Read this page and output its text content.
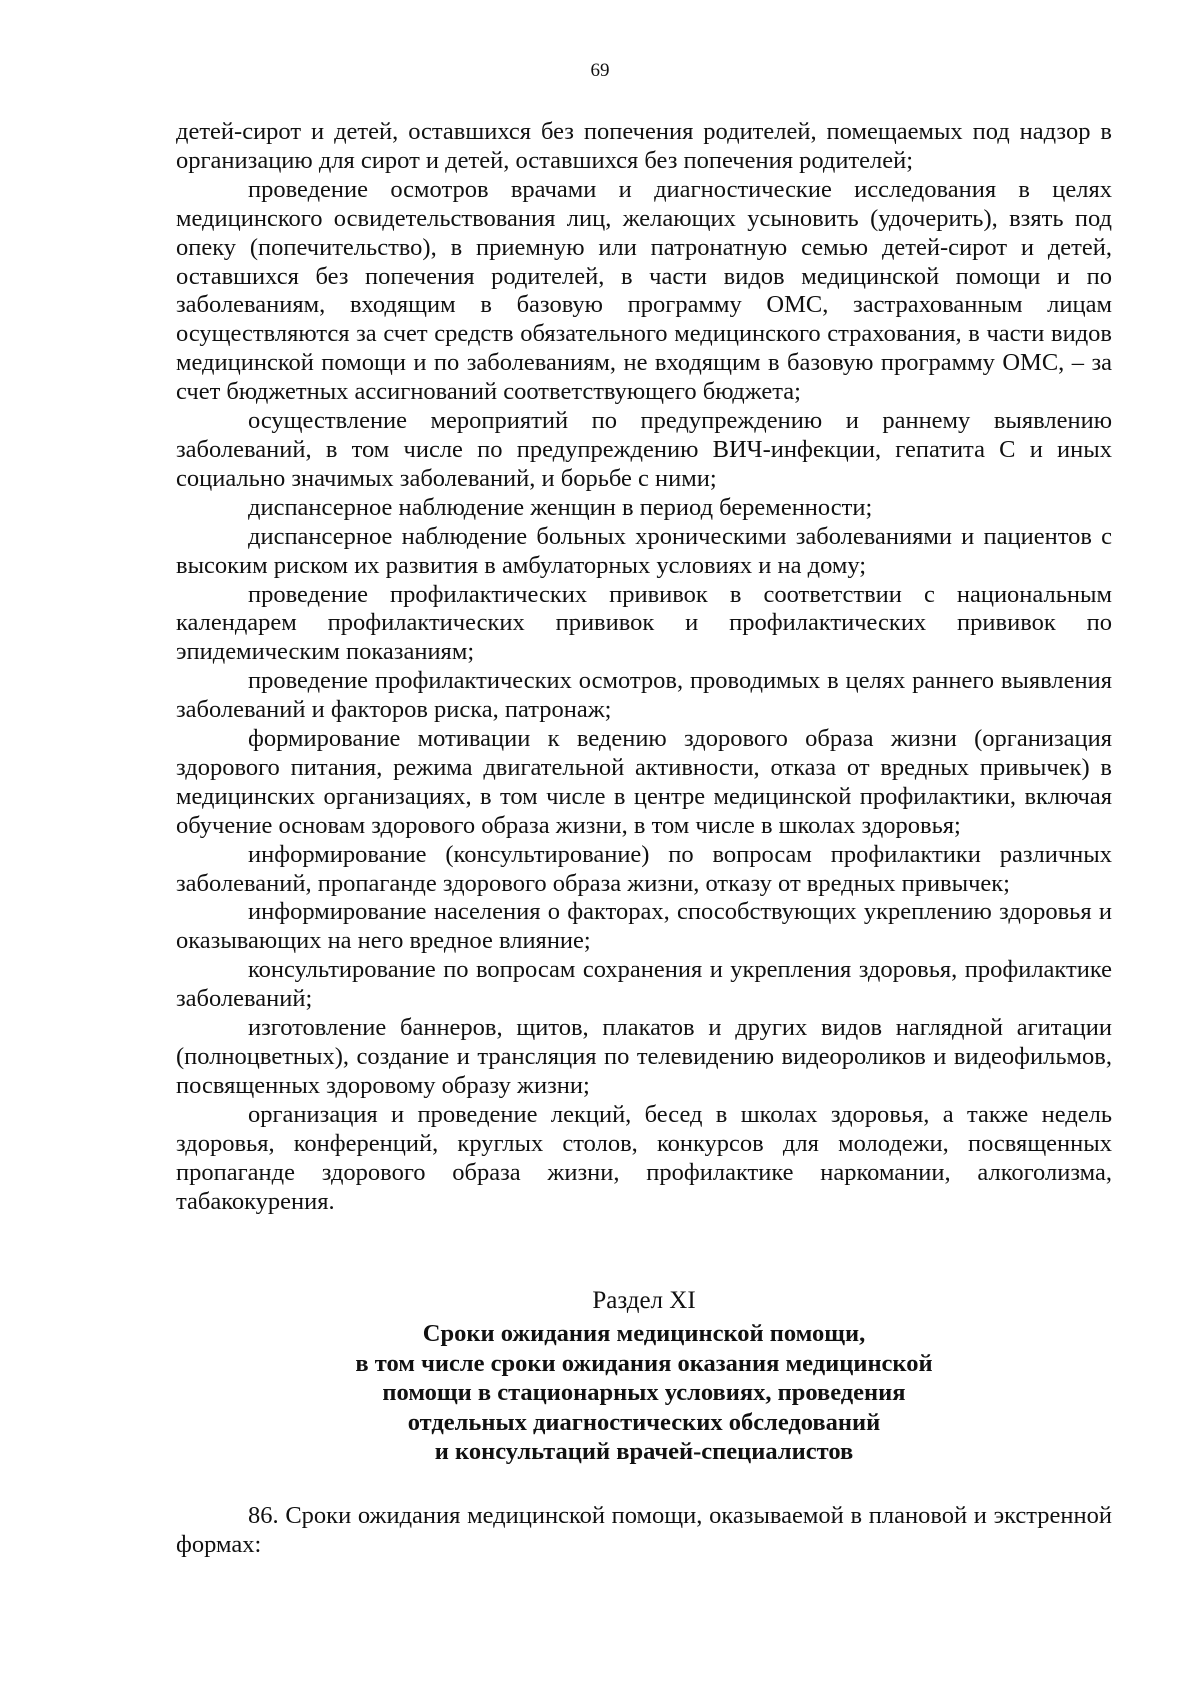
69

детей-сирот и детей, оставшихся без попечения родителей, помещаемых под надзор в организацию для сирот и детей, оставшихся без попечения родителей;

проведение осмотров врачами и диагностические исследования в целях медицинского освидетельствования лиц, желающих усыновить (удочерить), взять под опеку (попечительство), в приемную или патронатную семью детей-сирот и детей, оставшихся без попечения родителей, в части видов медицинской помощи и по заболеваниям, входящим в базовую программу ОМС, застрахованным лицам осуществляются за счет средств обязательного медицинского страхования, в части видов медицинской помощи и по заболеваниям, не входящим в базовую программу ОМС, – за счет бюджетных ассигнований соответствующего бюджета;

осуществление мероприятий по предупреждению и раннему выявлению заболеваний, в том числе по предупреждению ВИЧ-инфекции, гепатита С и иных социально значимых заболеваний, и борьбе с ними;

диспансерное наблюдение женщин в период беременности;

диспансерное наблюдение больных хроническими заболеваниями и пациентов с высоким риском их развития в амбулаторных условиях и на дому;

проведение профилактических прививок в соответствии с национальным календарем профилактических прививок и профилактических прививок по эпидемическим показаниям;

проведение профилактических осмотров, проводимых в целях раннего выявления заболеваний и факторов риска, патронаж;

формирование мотивации к ведению здорового образа жизни (организация здорового питания, режима двигательной активности, отказа от вредных привычек) в медицинских организациях, в том числе в центре медицинской профилактики, включая обучение основам здорового образа жизни, в том числе в школах здоровья;

информирование (консультирование) по вопросам профилактики различных заболеваний, пропаганде здорового образа жизни, отказу от вредных привычек;

информирование населения о факторах, способствующих укреплению здоровья и оказывающих на него вредное влияние;

консультирование по вопросам сохранения и укрепления здоровья, профилактике заболеваний;

изготовление баннеров, щитов, плакатов и других видов наглядной агитации (полноцветных), создание и трансляция по телевидению видеороликов и видеофильмов, посвященных здоровому образу жизни;

организация и проведение лекций, бесед в школах здоровья, а также недель здоровья, конференций, круглых столов, конкурсов для молодежи, посвященных пропаганде здорового образа жизни, профилактике наркомании, алкоголизма, табакокурения.

Раздел XI
Сроки ожидания медицинской помощи,
в том числе сроки ожидания оказания медицинской
помощи в стационарных условиях, проведения
отдельных диагностических обследований
и консультаций врачей-специалистов

86. Сроки ожидания медицинской помощи, оказываемой в плановой и экстренной формах:
